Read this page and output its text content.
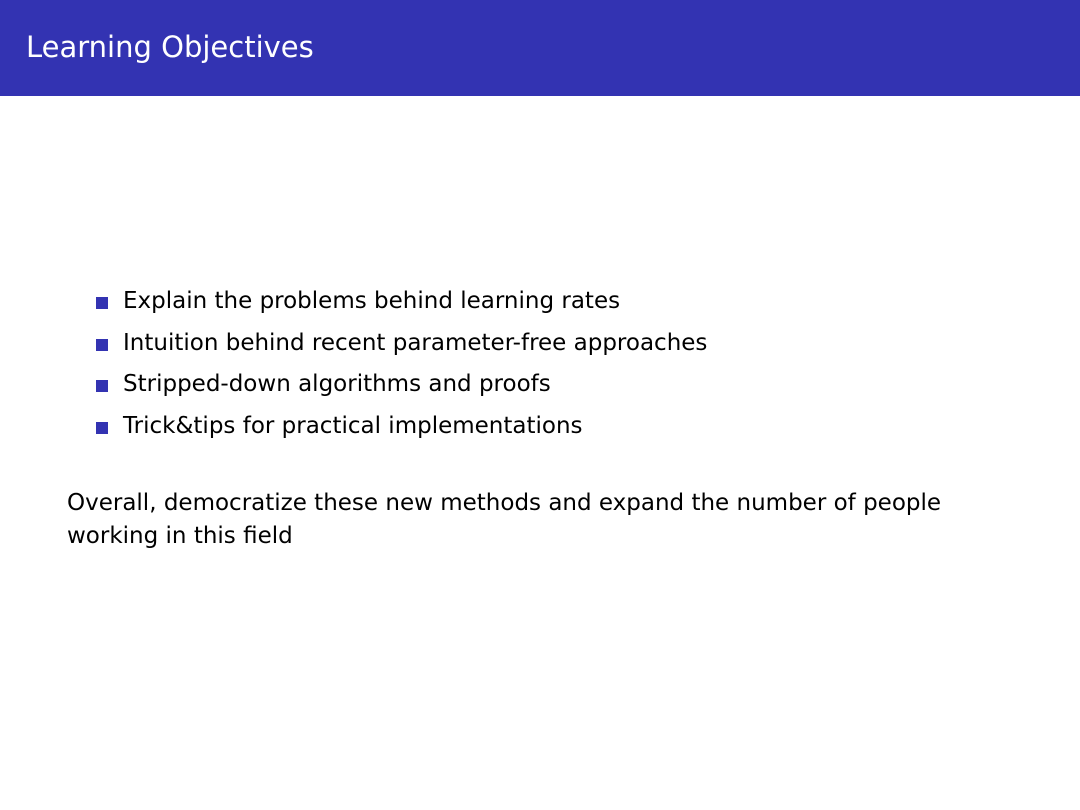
Learning Objectives
Explain the problems behind learning rates
Intuition behind recent parameter-free approaches
Stripped-down algorithms and proofs
Trick&tips for practical implementations

Overall, democratize these new methods and expand the number of people working in this field
